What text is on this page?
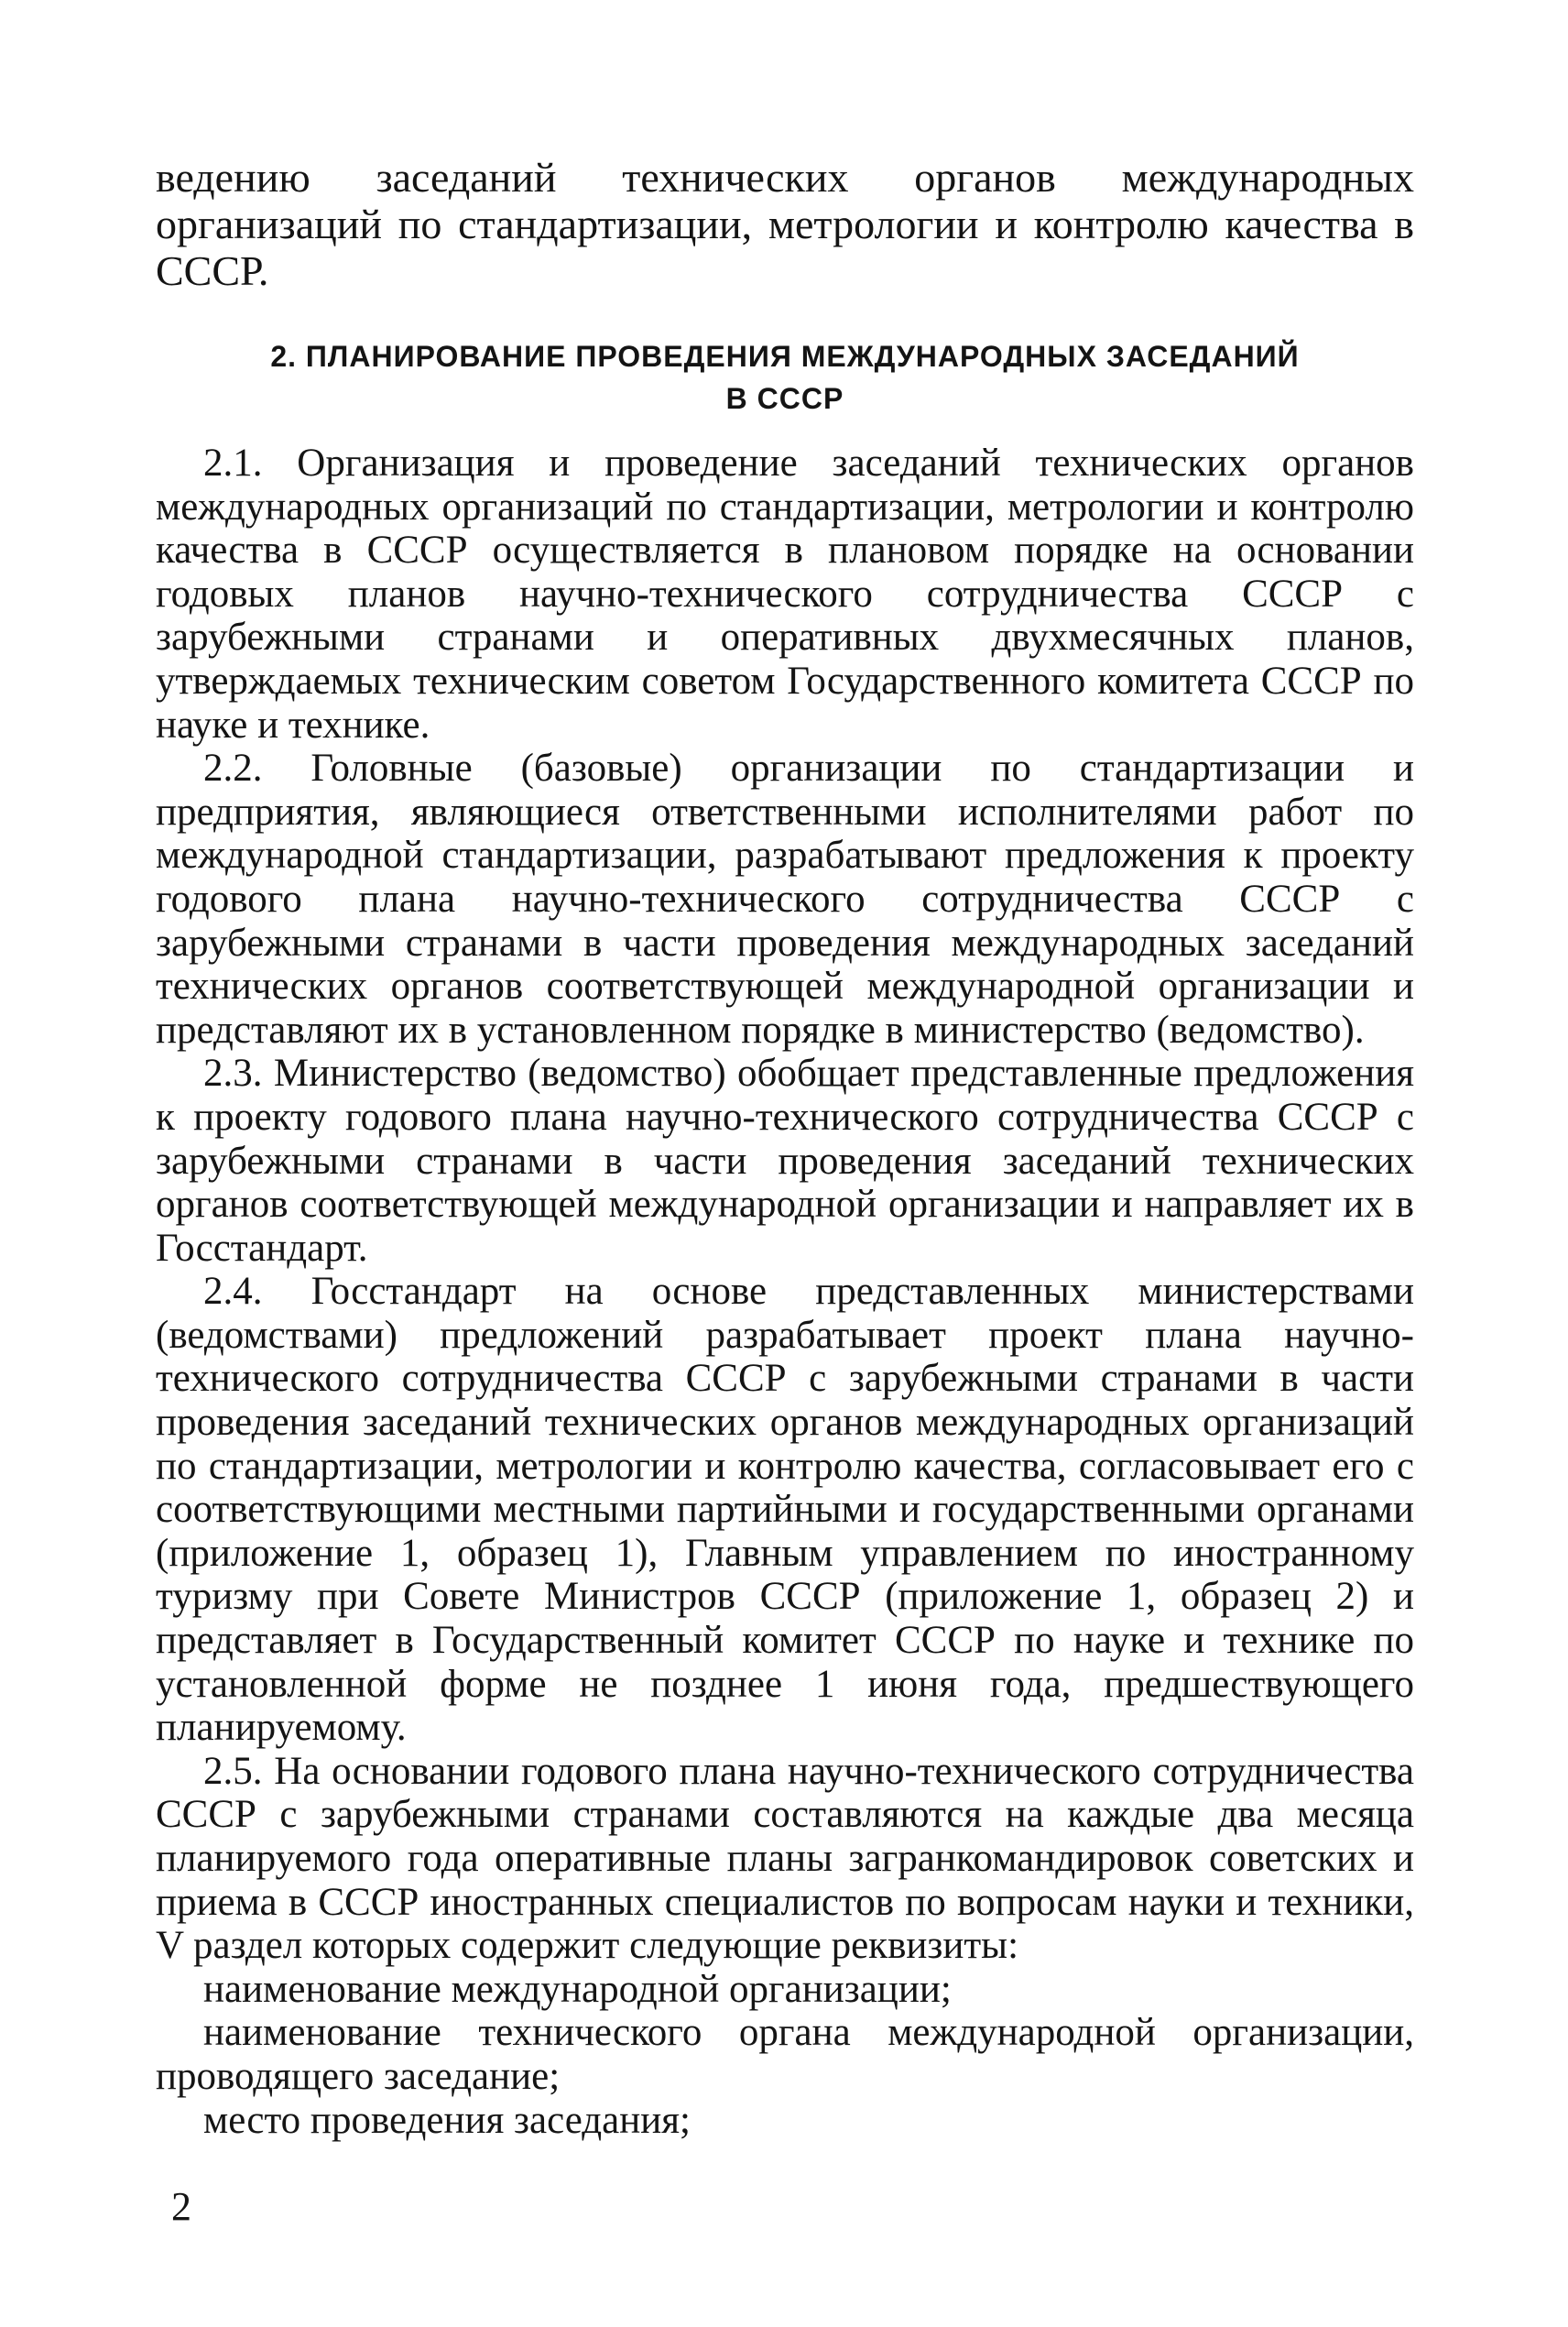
ведению заседаний технических органов международных организаций по стандартизации, метрологии и контролю качества в СССР.

2. ПЛАНИРОВАНИЕ ПРОВЕДЕНИЯ МЕЖДУНАРОДНЫХ ЗАСЕДАНИЙ
В СССР

2.1. Организация и проведение заседаний технических органов международных организаций по стандартизации, метрологии и контролю качества в СССР осуществляется в плановом порядке на основании годовых планов научно-технического сотрудничества СССР с зарубежными странами и оперативных двухмесячных планов, утверждаемых техническим советом Государственного комитета СССР по науке и технике.

2.2. Головные (базовые) организации по стандартизации и предприятия, являющиеся ответственными исполнителями работ по международной стандартизации, разрабатывают предложения к проекту годового плана научно-технического сотрудничества СССР с зарубежными странами в части проведения международных заседаний технических органов соответствующей международной организации и представляют их в установленном порядке в министерство (ведомство).

2.3. Министерство (ведомство) обобщает представленные предложения к проекту годового плана научно-технического сотрудничества СССР с зарубежными странами в части проведения заседаний технических органов соответствующей международной организации и направляет их в Госстандарт.

2.4. Госстандарт на основе представленных министерствами (ведомствами) предложений разрабатывает проект плана научно-технического сотрудничества СССР с зарубежными странами в части проведения заседаний технических органов международных организаций по стандартизации, метрологии и контролю качества, согласовывает его с соответствующими местными партийными и государственными органами (приложение 1, образец 1), Главным управлением по иностранному туризму при Совете Министров СССР (приложение 1, образец 2) и представляет в Государственный комитет СССР по науке и технике по установленной форме не позднее 1 июня года, предшествующего планируемому.

2.5. На основании годового плана научно-технического сотрудничества СССР с зарубежными странами составляются на каждые два месяца планируемого года оперативные планы загранкомандировок советских и приема в СССР иностранных специалистов по вопросам науки и техники, V раздел которых содержит следующие реквизиты:

наименование международной организации;

наименование технического органа международной организации, проводящего заседание;

место проведения заседания;

2
